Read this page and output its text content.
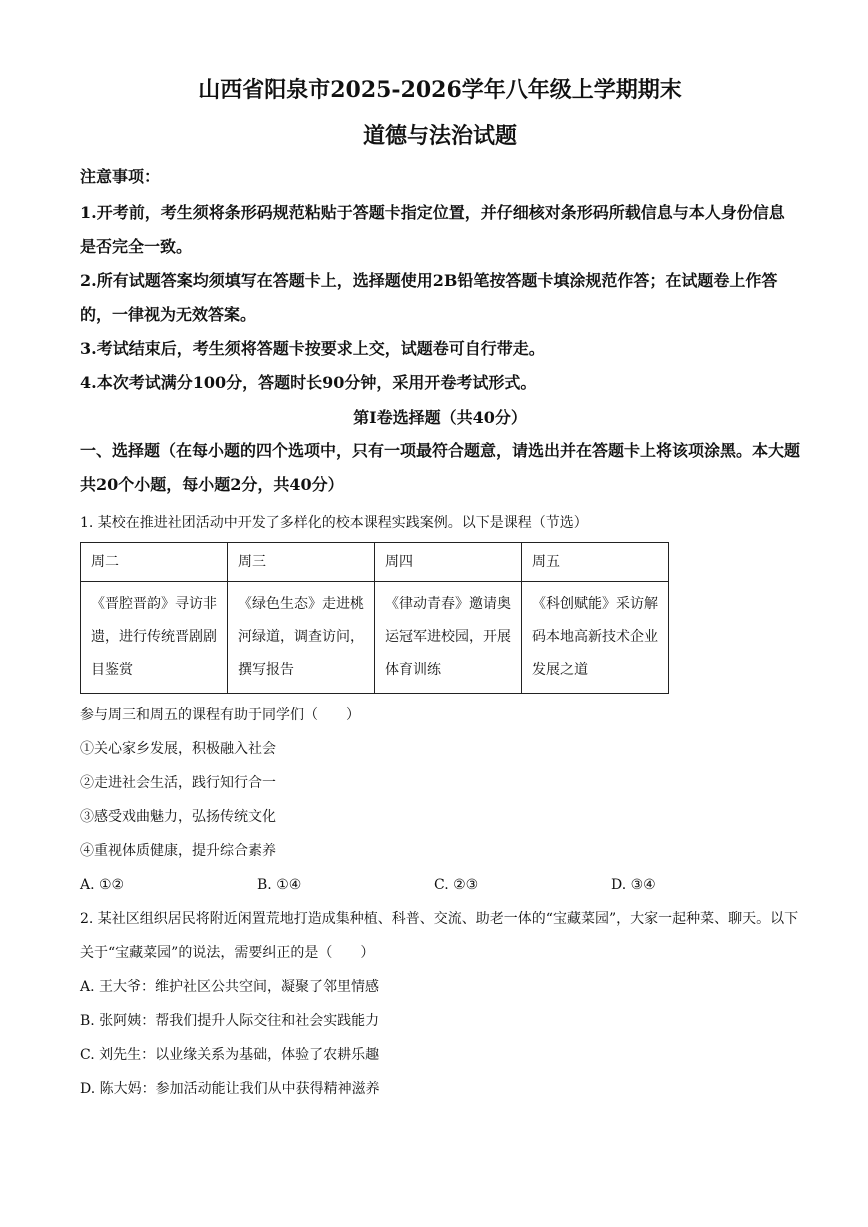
山西省阳泉市2025-2026学年八年级上学期期末
道德与法治试题

注意事项：

1.开考前，考生须将条形码规范粘贴于答题卡指定位置，并仔细核对条形码所载信息与本人身份信息是否完全一致。

2.所有试题答案均须填写在答题卡上，选择题使用2B铅笔按答题卡填涂规范作答；在试题卷上作答的，一律视为无效答案。

3.考试结束后，考生须将答题卡按要求上交，试题卷可自行带走。

4.本次考试满分100分，答题时长90分钟，采用开卷考试形式。

第Ⅰ卷选择题（共40分）

一、选择题（在每小题的四个选项中，只有一项最符合题意，请选出并在答题卡上将该项涂黑。本大题共20个小题，每小题2分，共40分）

1. 某校在推进社团活动中开发了多样化的校本课程实践案例。以下是课程（节选）

周二	周三	周四	周五
《晋腔晋韵》寻访非遗，进行传统晋剧剧目鉴赏	《绿色生态》走进桃河绿道，调查访问，撰写报告	《律动青春》邀请奥运冠军进校园，开展体育训练	《科创赋能》采访解码本地高新技术企业发展之道

参与周三和周五的课程有助于同学们（　　）

①关心家乡发展，积极融入社会

②走进社会生活，践行知行合一

③感受戏曲魅力，弘扬传统文化

④重视体质健康，提升综合素养

A. ①②	B. ①④	C. ②③	D. ③④

2. 某社区组织居民将附近闲置荒地打造成集种植、科普、交流、助老一体的“宝藏菜园”，大家一起种菜、聊天。以下关于“宝藏菜园”的说法，需要纠正的是（　　）

A. 王大爷：维护社区公共空间，凝聚了邻里情感

B. 张阿姨：帮我们提升人际交往和社会实践能力

C. 刘先生：以业缘关系为基础，体验了农耕乐趣

D. 陈大妈：参加活动能让我们从中获得精神滋养
